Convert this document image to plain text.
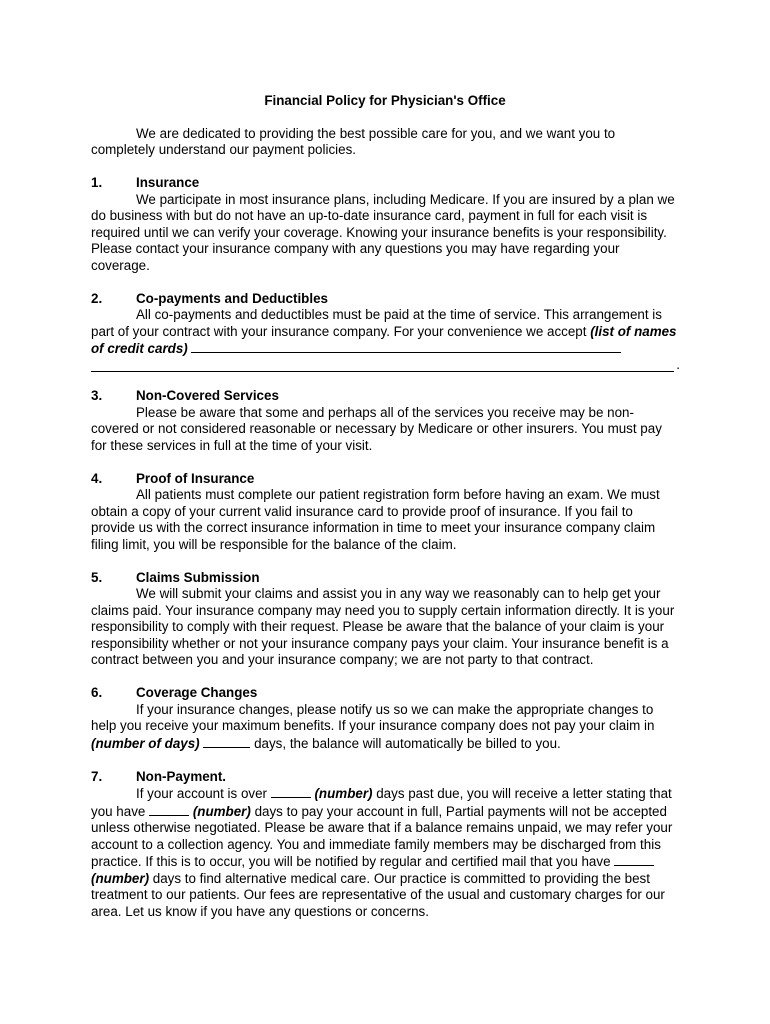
Financial Policy for Physician's Office

We are dedicated to providing the best possible care for you, and we want you to completely understand our payment policies.

1.	Insurance

We participate in most insurance plans, including Medicare. If you are insured by a plan we do business with but do not have an up-to-date insurance card, payment in full for each visit is required until we can verify your coverage. Knowing your insurance benefits is your responsibility. Please contact your insurance company with any questions you may have regarding your coverage.

2.	Co-payments and Deductibles

All co-payments and deductibles must be paid at the time of service. This arrangement is part of your contract with your insurance company. For your convenience we accept (list of names of credit cards)

.
3.	Non-Covered Services

Please be aware that some and perhaps all of the services you receive may be non-covered or not considered reasonable or necessary by Medicare or other insurers. You must pay for these services in full at the time of your visit.

4.	Proof of Insurance

All patients must complete our patient registration form before having an exam. We must obtain a copy of your current valid insurance card to provide proof of insurance. If you fail to provide us with the correct insurance information in time to meet your insurance company claim filing limit, you will be responsible for the balance of the claim.

5.	Claims Submission

We will submit your claims and assist you in any way we reasonably can to help get your claims paid. Your insurance company may need you to supply certain information directly. It is your responsibility to comply with their request. Please be aware that the balance of your claim is your responsibility whether or not your insurance company pays your claim. Your insurance benefit is a contract between you and your insurance company; we are not party to that contract.

6.	Coverage Changes

If your insurance changes, please notify us so we can make the appropriate changes to help you receive your maximum benefits. If your insurance company does not pay your claim in (number of days)	days, the balance will automatically be billed to you.

7.	Non-Payment.

If your account is over	(number) days past due, you will receive a letter stating that you have	(number) days to pay your account in full, Partial payments will not be accepted unless otherwise negotiated. Please be aware that if a balance remains unpaid, we may refer your account to a collection agency. You and immediate family members may be discharged from this practice. If this is to occur, you will be notified by regular and certified mail that you have  (number) days to find alternative medical care. Our practice is committed to providing the best treatment to our patients. Our fees are representative of the usual and customary charges for our area. Let us know if you have any questions or concerns.
